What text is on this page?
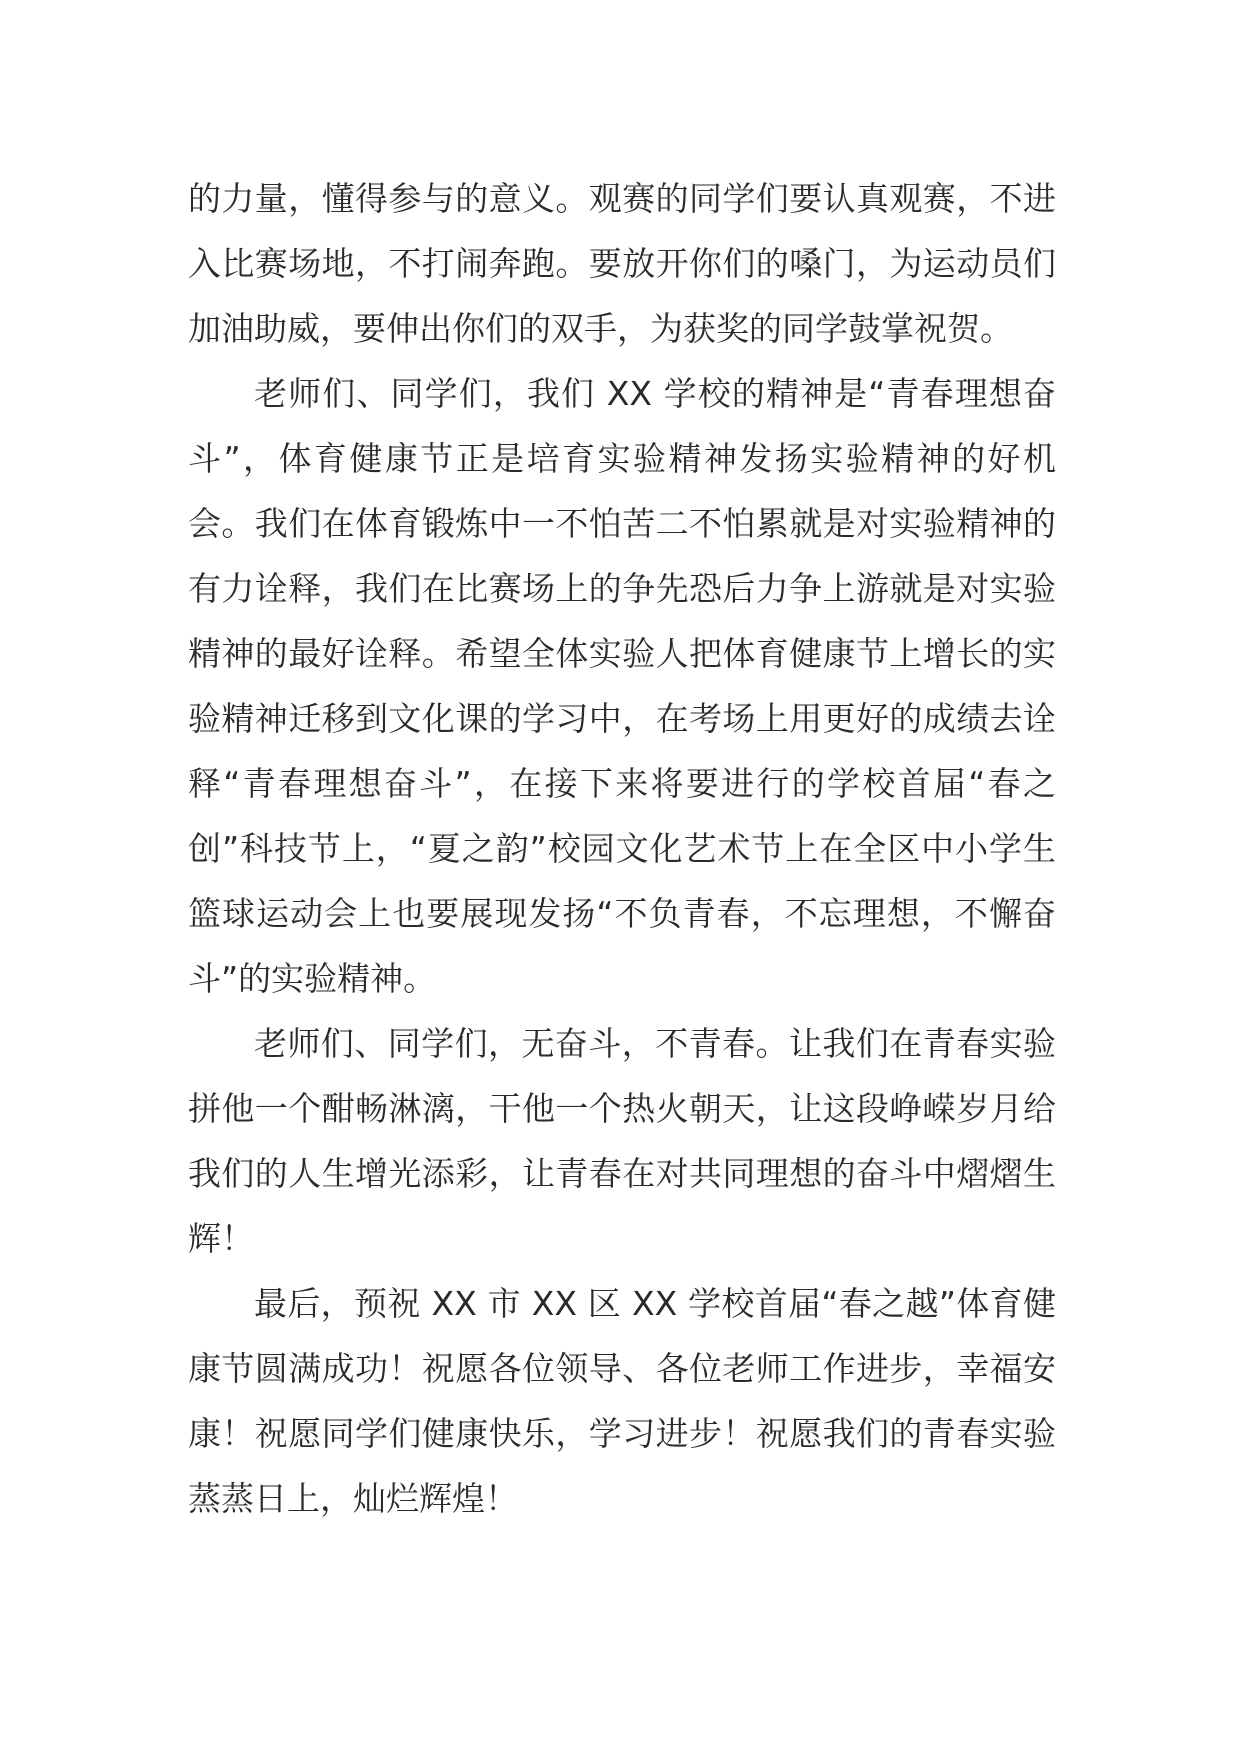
的力量，懂得参与的意义。观赛的同学们要认真观赛，不进入比赛场地，不打闹奔跑。要放开你们的嗓门，为运动员们加油助威，要伸出你们的双手，为获奖的同学鼓掌祝贺。

老师们、同学们，我们 XX 学校的精神是“青春理想奋斗”，体育健康节正是培育实验精神发扬实验精神的好机会。我们在体育锻炼中一不怕苦二不怕累就是对实验精神的有力诠释，我们在比赛场上的争先恐后力争上游就是对实验精神的最好诠释。希望全体实验人把体育健康节上增长的实验精神迁移到文化课的学习中，在考场上用更好的成绩去诠释“青春理想奋斗”，在接下来将要进行的学校首届“春之创”科技节上，“夏之韵”校园文化艺术节上在全区中小学生篮球运动会上也要展现发扬“不负青春，不忘理想，不懈奋斗”的实验精神。

老师们、同学们，无奋斗，不青春。让我们在青春实验拼他一个酣畅淋漓，干他一个热火朝天，让这段峥嵘岁月给我们的人生增光添彩，让青春在对共同理想的奋斗中熠熠生辉！

最后，预祝 XX 市 XX 区 XX 学校首届“春之越”体育健康节圆满成功！祝愿各位领导、各位老师工作进步，幸福安康！祝愿同学们健康快乐，学习进步！祝愿我们的青春实验蒸蒸日上，灿烂辉煌！
